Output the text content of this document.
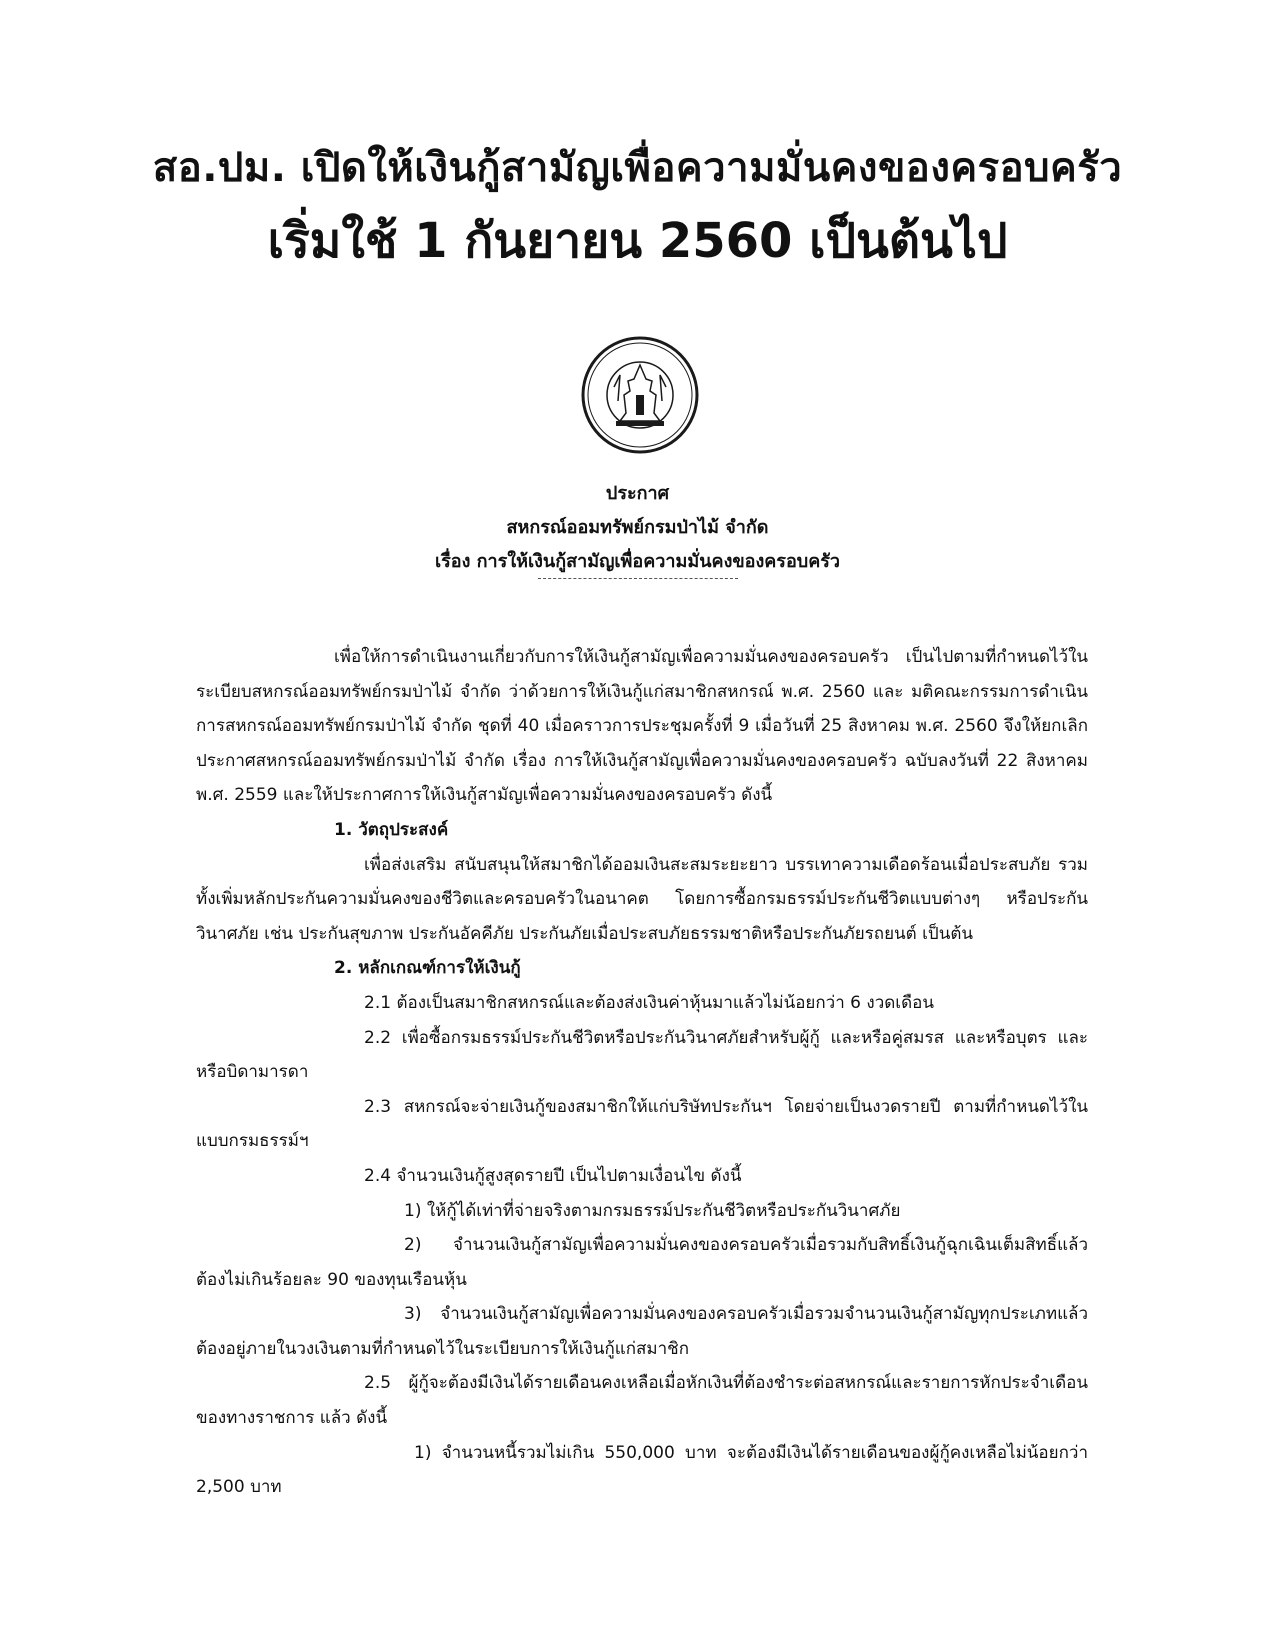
สอ.ปม. เปิดให้เงินกู้สามัญเพื่อความมั่นคงของครอบครัว
เริ่มใช้ 1 กันยายน 2560 เป็นต้นไป
ประกาศ
สหกรณ์ออมทรัพย์กรมป่าไม้ จำกัด
เรื่อง การให้เงินกู้สามัญเพื่อความมั่นคงของครอบครัว

เพื่อให้การดำเนินงานเกี่ยวกับการให้เงินกู้สามัญเพื่อความมั่นคงของครอบครัว เป็นไปตามที่กำหนดไว้ในระเบียบสหกรณ์ออมทรัพย์กรมป่าไม้ จำกัด ว่าด้วยการให้เงินกู้แก่สมาชิกสหกรณ์ พ.ศ. 2560 และ มติคณะกรรมการดำเนินการสหกรณ์ออมทรัพย์กรมป่าไม้ จำกัด ชุดที่ 40 เมื่อคราวการประชุมครั้งที่ 9 เมื่อวันที่ 25 สิงหาคม พ.ศ. 2560 จึงให้ยกเลิกประกาศสหกรณ์ออมทรัพย์กรมป่าไม้ จำกัด เรื่อง การให้เงินกู้สามัญเพื่อความมั่นคงของครอบครัว ฉบับลงวันที่ 22 สิงหาคม พ.ศ. 2559 และให้ประกาศการให้เงินกู้สามัญเพื่อความมั่นคงของครอบครัว ดังนี้

1. วัตถุประสงค์

เพื่อส่งเสริม สนับสนุนให้สมาชิกได้ออมเงินสะสมระยะยาว บรรเทาความเดือดร้อนเมื่อประสบภัย รวมทั้งเพิ่มหลักประกันความมั่นคงของชีวิตและครอบครัวในอนาคต โดยการซื้อกรมธรรม์ประกันชีวิตแบบต่างๆ หรือประกันวินาศภัย เช่น ประกันสุขภาพ ประกันอัคคีภัย ประกันภัยเมื่อประสบภัยธรรมชาติหรือประกันภัยรถยนต์ เป็นต้น

2. หลักเกณฑ์การให้เงินกู้

2.1 ต้องเป็นสมาชิกสหกรณ์และต้องส่งเงินค่าหุ้นมาแล้วไม่น้อยกว่า 6 งวดเดือน

2.2 เพื่อซื้อกรมธรรม์ประกันชีวิตหรือประกันวินาศภัยสำหรับผู้กู้ และหรือคู่สมรส และหรือบุตร และหรือบิดามารดา

2.3 สหกรณ์จะจ่ายเงินกู้ของสมาชิกให้แก่บริษัทประกันฯ โดยจ่ายเป็นงวดรายปี ตามที่กำหนดไว้ในแบบกรมธรรม์ฯ

2.4 จำนวนเงินกู้สูงสุดรายปี เป็นไปตามเงื่อนไข ดังนี้

1) ให้กู้ได้เท่าที่จ่ายจริงตามกรมธรรม์ประกันชีวิตหรือประกันวินาศภัย

2) จำนวนเงินกู้สามัญเพื่อความมั่นคงของครอบครัวเมื่อรวมกับสิทธิ์เงินกู้ฉุกเฉินเต็มสิทธิ์แล้วต้องไม่เกินร้อยละ 90 ของทุนเรือนหุ้น

3) จำนวนเงินกู้สามัญเพื่อความมั่นคงของครอบครัวเมื่อรวมจำนวนเงินกู้สามัญทุกประเภทแล้วต้องอยู่ภายในวงเงินตามที่กำหนดไว้ในระเบียบการให้เงินกู้แก่สมาชิก

2.5 ผู้กู้จะต้องมีเงินได้รายเดือนคงเหลือเมื่อหักเงินที่ต้องชำระต่อสหกรณ์และรายการหักประจำเดือนของทางราชการ แล้ว ดังนี้

1) จำนวนหนี้รวมไม่เกิน 550,000 บาท จะต้องมีเงินได้รายเดือนของผู้กู้คงเหลือไม่น้อยกว่า 2,500 บาท
